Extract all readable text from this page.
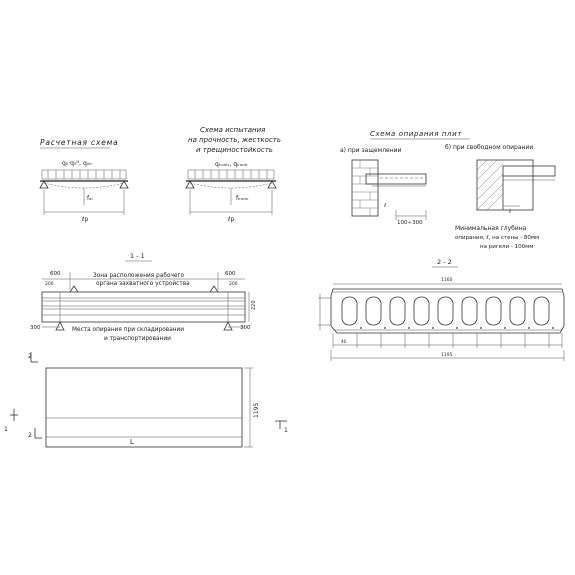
Расчетная схема
q₀·q₀ᴴ, q₀ₑ
fₐₗ
ℓp
Схема испытания
на прочность, жесткость
и трещиностойкость
qₖₒₙₜᵣ, qₖₒₙₜᵣ
fₖₒₙₜᵣ
ℓp
Схема опирания плит
а) при защемлении	б) при свободном опирании
100÷300
ℓ
ℓ
Минимальная глубина
опирания, ℓ, на стены - 80мм
на ригели - 100мм
1 - 1
Зона расположения рабочего
органа захватного устройства
600	600
200	200
220
300	300
Места опирания при складировании
и транспортировании
2 - 2
1160
46
1195
2
1195
L
1	1
2
